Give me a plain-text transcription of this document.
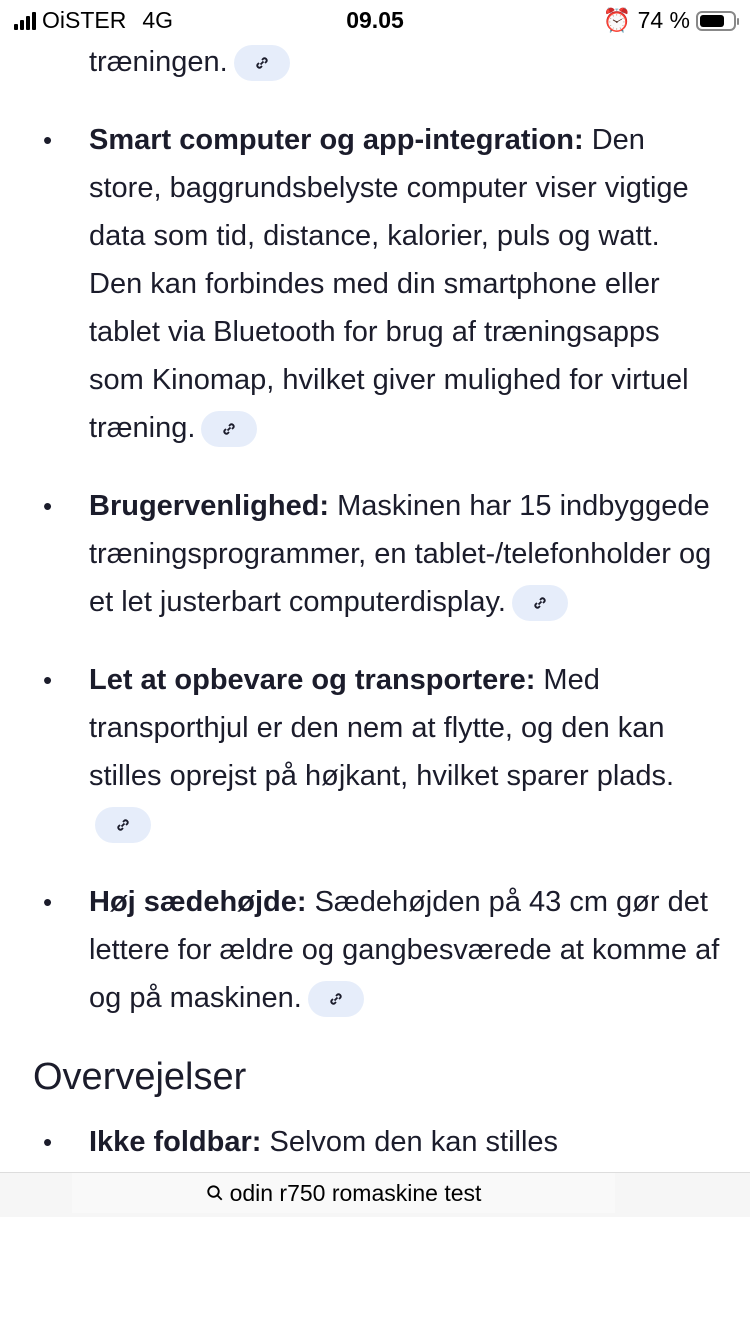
OiSTER 4G	09.05	⏰ 74 %
træningen.
• Smart computer og app-integration: Den store, baggrundsbelyste computer viser vigtige data som tid, distance, kalorier, puls og watt. Den kan forbindes med din smartphone eller tablet via Bluetooth for brug af træningsapps som Kinomap, hvilket giver mulighed for virtuel træning.
• Brugervenlighed: Maskinen har 15 indbyggede træningsprogrammer, en tablet-/telefonholder og et let justerbart computerdisplay.
• Let at opbevare og transportere: Med transporthjul er den nem at flytte, og den kan stilles oprejst på højkant, hvilket sparer plads.
• Høj sædehøjde: Sædehøjden på 43 cm gør det lettere for ældre og gangbesværede at komme af og på maskinen.
Overvejelser
• Ikke foldbar: Selvom den kan stilles
odin r750 romaskine test
